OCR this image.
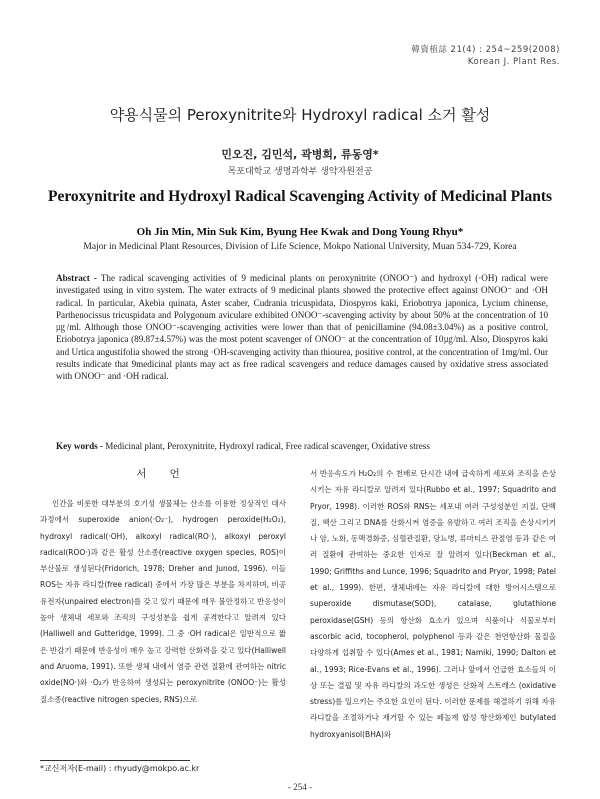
韓資植誌 21(4) : 254~259(2008)
Korean J. Plant Res.
약용식물의 Peroxynitrite와 Hydroxyl radical 소거 활성
민오진, 김민석, 곽병희, 류동영*
목포대학교 생명과학부 생약자원전공
Peroxynitrite and Hydroxyl Radical Scavenging Activity of Medicinal Plants
Oh Jin Min, Min Suk Kim, Byung Hee Kwak and Dong Young Rhyu*
Major in Medicinal Plant Resources, Division of Life Science, Mokpo National University, Muan 534-729, Korea
Abstract - The radical scavenging activities of 9 medicinal plants on peroxynitrite (ONOO⁻) and hydroxyl (·OH) radical were investigated using in vitro system. The water extracts of 9 medicinal plants showed the protective effect against ONOO⁻ and ·OH radical. In particular, Akebia quinata, Aster scaber, Cudrania tricuspidata, Diospyros kaki, Eriobotrya japonica, Lycium chinense, Parthenocissus tricuspidata and Polygonum aviculare exhibited ONOO⁻-scavenging activity by about 50% at the concentration of 10㎍/ml. Although those ONOO⁻-scavenging activities were lower than that of penicillamine (94.08±3.04%) as a positive control, Eriobotrya japonica (89.87±4.57%) was the most potent scavenger of ONOO⁻ at the concentration of 10㎍/ml. Also, Diospyros kaki and Urtica angustifolia showed the strong ·OH-scavenging activity than thiourea, positive control, at the concentration of 1mg/ml. Our results indicate that 9medicinal plants may act as free radical scavengers and reduce damages caused by oxidative stress associated with ONOO⁻ and ·OH radical.
Key words - Medicinal plant, Peroxynitrite, Hydroxyl radical, Free radical scavenger, Oxidative stress
서 언

인간을 비롯한 대부분의 호기성 생물체는 산소를 이용한 정상적인 대사 과정에서 superoxide anion(·O₂⁻), hydrogen peroxide(H₂O₂), hydroxyl radical(·OH), alkoxyl radical(RO·), alkoxyl peroxyl radical(ROO·)과 같은 활성 산소종(reactive oxygen species, ROS)이 부산물로 생성된다(Fridorich, 1978; Dreher and Junod, 1996). 이들 ROS는 자유 라디칼(free radical) 중에서 가장 많은 부분을 차지하며, 비공유전자(unpaired electron)를 갖고 있기 때문에 매우 불안정하고 반응성이 높아 생체내 세포와 조직의 구성성분을 쉽게 공격한다고 알려져 있다(Halliwell and Gutteridge, 1999). 그 중 ·OH radical은 일반적으로 짧은 반감기 때문에 반응성이 매우 높고 강력한 산화력을 갖고 있다(Halliwell and Aruoma, 1991). 또한 생체 내에서 염증 관련 질환에 관여하는 nitric oxide(NO·)와 ·O₂가 반응하여 생성되는 peroxynitrite (ONOO⁻)는 활성질소종(reactive nitrogen species, RNS)으로

서 반응속도가 H₂O₂의 수 천배로 단시간 내에 급속하게 세포와 조직을 손상시키는 자유 라디칼로 알려져 있다(Rubbo et al., 1997; Squadrito and Pryor, 1998). 이러한 ROS와 RNS는 세포내 여러 구성성분인 지질, 단백질, 핵산 그리고 DNA를 산화시켜 염증을 유발하고 여러 조직을 손상시키거나 암, 노화, 동맥경화증, 심혈관질환, 당뇨병, 류마티스 관절염 등과 같은 여러 질환에 관여하는 중요한 인자로 잘 알려져 있다(Beckman et al., 1990; Griffiths and Lunce, 1996; Squadrito and Pryor, 1998; Patel et al., 1999). 한편, 생체내에는 자유 라디칼에 대한 방어시스템으로 superoxide dismutase(SOD), catalase, glutathione peroxidase(GSH) 등의 항산화 효소가 있으며 식품이나 식물로부터 ascorbic acid, tocopherol, polyphenol 등과 같은 천연항산화 물질을 다양하게 섭취할 수 있다(Ames et al., 1981; Namiki, 1990; Dalton et al., 1993; Rice-Evans et al., 1996). 그러나 앞에서 언급한 효소들의 이상 또는 결핍 및 자유 라디칼의 과도한 생성은 산화적 스트레스 (oxidative stress)를 일으키는 주요한 요인이 된다. 이러한 문제를 해결하기 위해 자유 라디칼을 조절하거나 제거할 수 있는 페놀계 합성 항산화제인 butylated hydroxyanisol(BHA)와

*교신저자(E-mail) : rhyudy@mokpo.ac.kr
- 254 -
